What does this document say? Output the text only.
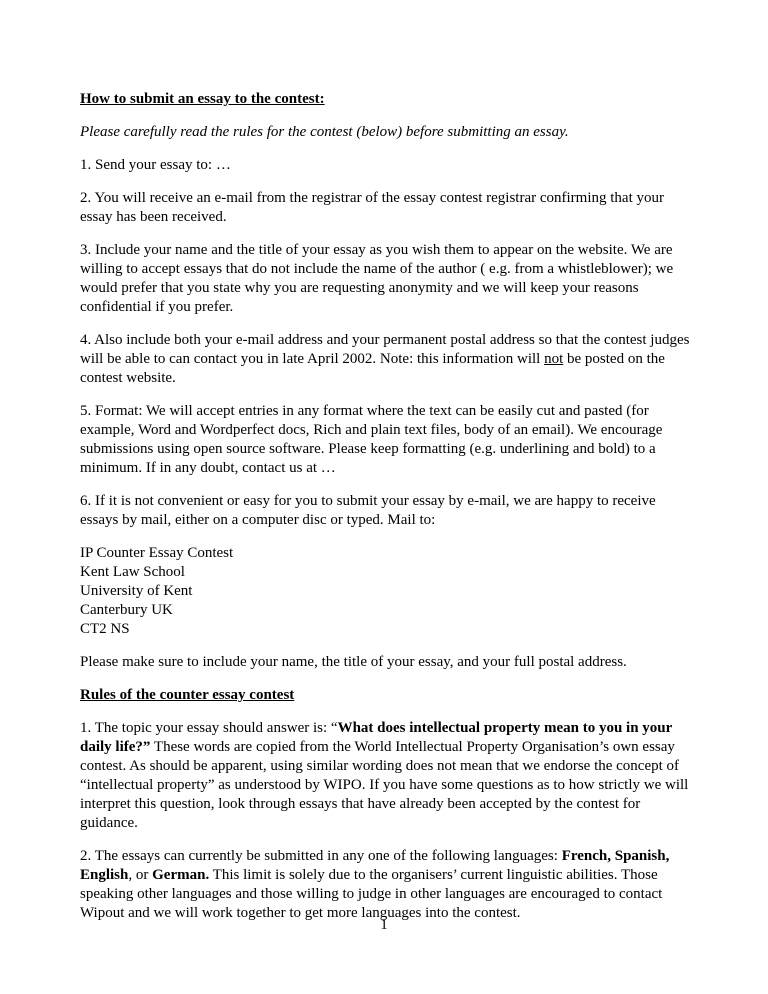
How to submit an essay to the contest:

Please carefully read the rules for the contest (below) before submitting an essay.

1. Send your essay to: …

2. You will receive an e-mail from the registrar of the essay contest registrar confirming that your essay has been received.

3. Include your name and the title of your essay as you wish them to appear on the website. We are willing to accept essays that do not include the name of the author ( e.g. from a whistleblower); we would prefer that you state why you are requesting anonymity and we will keep your reasons confidential if you prefer.

4. Also include both your e-mail address and your permanent postal address so that the contest judges will be able to can contact you in late April 2002. Note: this information will not be posted on the contest website.

5. Format: We will accept entries in any format where the text can be easily cut and pasted (for example, Word and Wordperfect docs, Rich and plain text files, body of an email). We encourage submissions using open source software. Please keep formatting (e.g. underlining and bold) to a minimum. If in any doubt, contact us at …

6. If it is not convenient or easy for you to submit your essay by e-mail, we are happy to receive essays by mail, either on a computer disc or typed. Mail to:

IP Counter Essay Contest
Kent Law School
University of Kent
Canterbury UK
CT2 NS

Please make sure to include your name, the title of your essay, and your full postal address.

Rules of the counter essay contest

1. The topic your essay should answer is: “What does intellectual property mean to you in your daily life?” These words are copied from the World Intellectual Property Organisation’s own essay contest. As should be apparent, using similar wording does not mean that we endorse the concept of “intellectual property” as understood by WIPO. If you have some questions as to how strictly we will interpret this question, look through essays that have already been accepted by the contest for guidance.

2. The essays can currently be submitted in any one of the following languages: French, Spanish, English, or German. This limit is solely due to the organisers’ current linguistic abilities. Those speaking other languages and those willing to judge in other languages are encouraged to contact Wipout and we will work together to get more languages into the contest.

1
